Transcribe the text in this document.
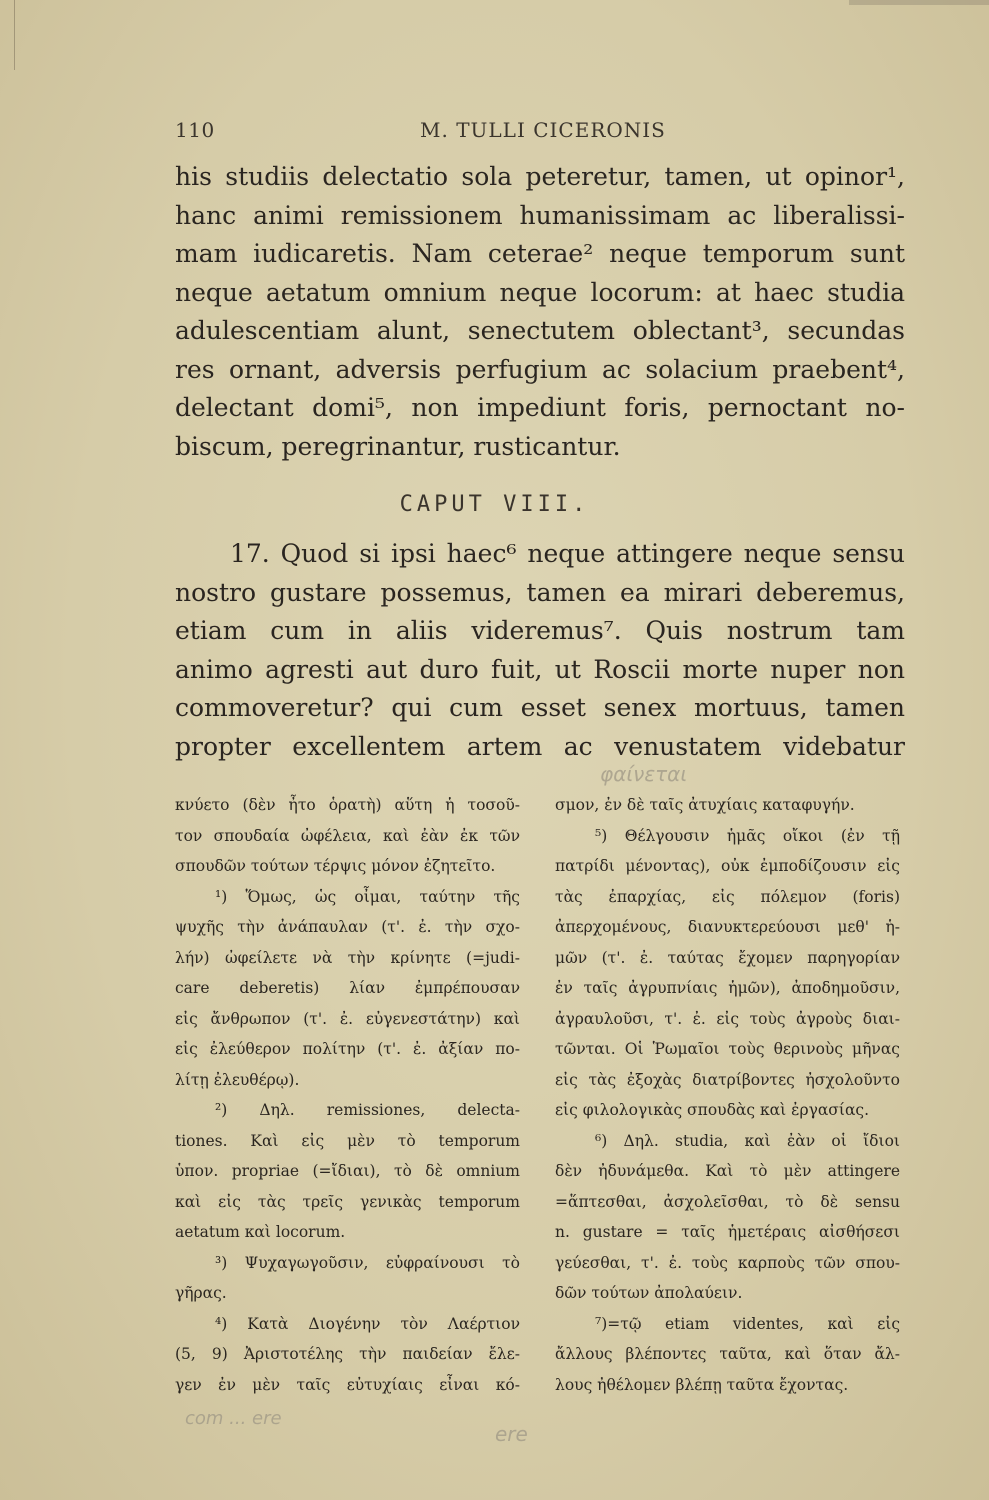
110	M. TULLI CICERONIS
his studiis delectatio sola peteretur, tamen, ut opinor¹,
hanc animi remissionem humanissimam ac liberalissi-
mam iudicaretis. Nam ceterae² neque temporum sunt
neque aetatum omnium neque locorum: at haec studia
adulescentiam alunt, senectutem oblectant³, secundas
res ornant, adversis perfugium ac solacium praebent⁴,
delectant domi⁵, non impediunt foris, pernoctant no-
biscum, peregrinantur, rusticantur.
CAPUT VIII.
17. Quod si ipsi haec⁶ neque attingere neque sensu
nostro gustare possemus, tamen ea mirari deberemus,
etiam cum in aliis videremus⁷. Quis nostrum tam
animo agresti aut duro fuit, ut Roscii morte nuper non
commoveretur? qui cum esset senex mortuus, tamen
propter excellentem artem ac venustatem videbatur
φαίνεται
κνύετο (δὲν ἦτο ὁρατὴ) αὕτη ἡ τοσοῦ-
τον σπουδαία ὠφέλεια, καὶ ἐὰν ἐκ τῶν
σπουδῶν τούτων τέρψις μόνον ἐζητεῖτο.
¹) Ὅμως, ὡς οἶμαι, ταύτην τῆς
ψυχῆς τὴν ἀνάπαυλαν (τ'. ἐ. τὴν σχο-
λήν) ὠφείλετε νὰ τὴν κρίνητε (=judi-
care deberetis) λίαν ἐμπρέπουσαν
εἰς ἄνθρωπον (τ'. ἐ. εὐγενεστάτην) καὶ
εἰς ἐλεύθερον πολίτην (τ'. ἐ. ἀξίαν πο-
λίτῃ ἐλευθέρῳ).
²) Δηλ. remissiones, delecta-
tiones. Καὶ εἰς μὲν τὸ temporum
ὑπον. propriae (=ἴδιαι), τὸ δὲ omnium
καὶ εἰς τὰς τρεῖς γενικὰς temporum
aetatum καὶ locorum.
³) Ψυχαγωγοῦσιν, εὐφραίνουσι τὸ
γῆρας.
⁴) Κατὰ Διογένην τὸν Λαέρτιον
(5, 9) Ἀριστοτέλης τὴν παιδείαν ἔλε-
γεν ἐν μὲν ταῖς εὐτυχίαις εἶναι κό-
σμον, ἐν δὲ ταῖς ἀτυχίαις καταφυγήν.
⁵) Θέλγουσιν ἡμᾶς οἴκοι (ἐν τῇ
πατρίδι μένοντας), οὐκ ἐμποδίζουσιν εἰς
τὰς ἐπαρχίας, εἰς πόλεμον (foris)
ἀπερχομένους, διανυκτερεύουσι μεθ' ἡ-
μῶν (τ'. ἐ. ταύτας ἔχομεν παρηγορίαν
ἐν ταῖς ἀγρυπνίαις ἡμῶν), ἀποδημοῦσιν,
ἀγραυλοῦσι, τ'. ἐ. εἰς τοὺς ἀγροὺς διαι-
τῶνται. Οἱ Ῥωμαῖοι τοὺς θερινοὺς μῆνας
εἰς τὰς ἐξοχὰς διατρίβοντες ἠσχολοῦντο
εἰς φιλολογικὰς σπουδὰς καὶ ἐργασίας.
⁶) Δηλ. studia, καὶ ἐὰν οἱ ἴδιοι
δὲν ἠδυνάμεθα. Καὶ τὸ μὲν attingere
=ἅπτεσθαι, ἀσχολεῖσθαι, τὸ δὲ sensu
n. gustare = ταῖς ἡμετέραις αἰσθήσεσι
γεύεσθαι, τ'. ἐ. τοὺς καρποὺς τῶν σπου-
δῶν τούτων ἀπολαύειν.
⁷)=τῷ etiam videntes, καὶ εἰς
ἄλλους βλέποντες ταῦτα, καὶ ὅταν ἄλ-
λους ἠθέλομεν βλέπῃ ταῦτα ἔχοντας.
com ... ere
ere
